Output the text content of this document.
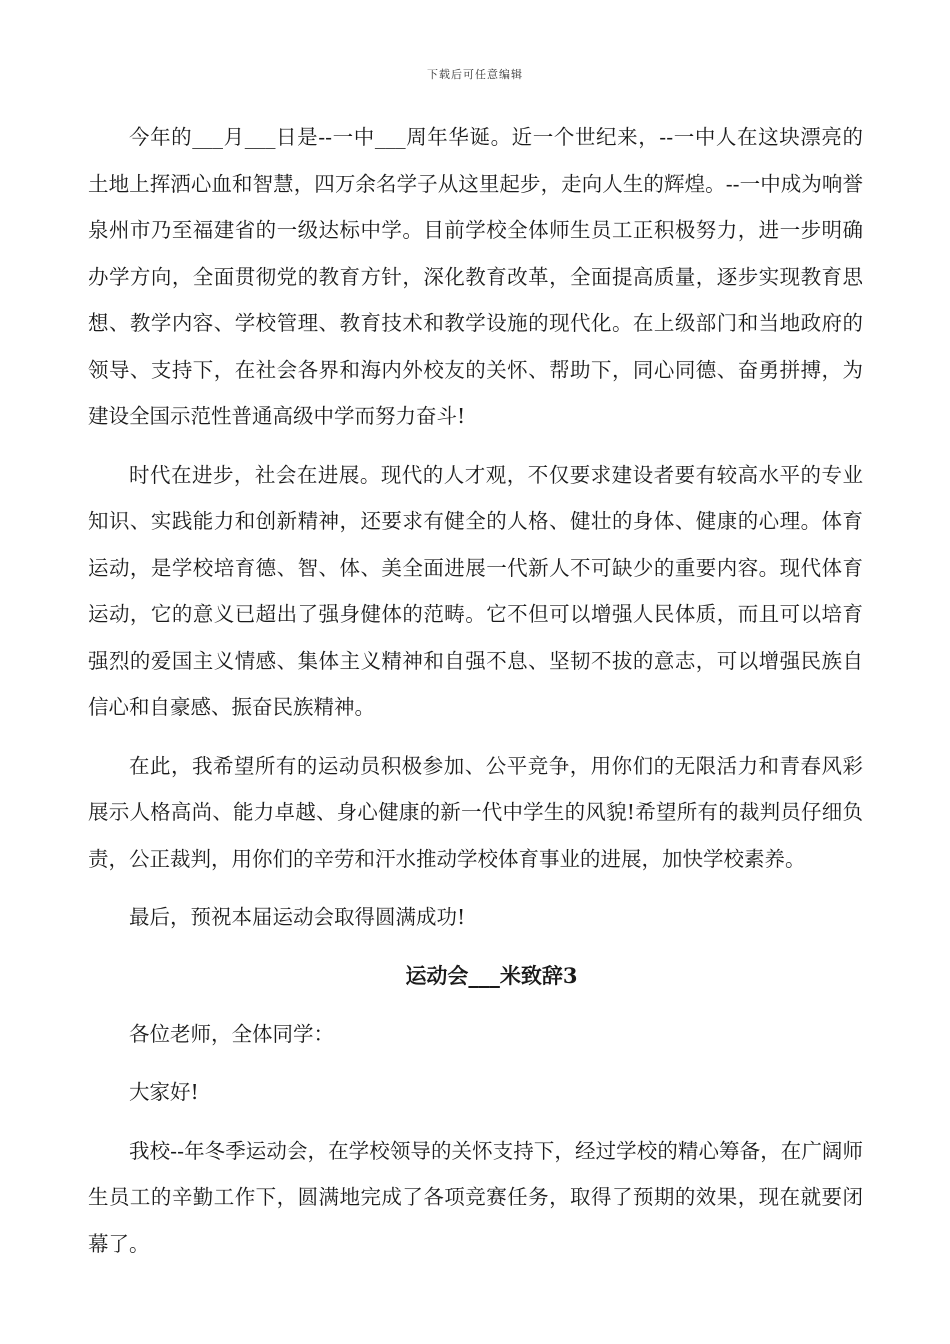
下载后可任意编辑

今年的___月___日是--一中___周年华诞。近一个世纪来，--一中人在这块漂亮的土地上挥洒心血和智慧，四万余名学子从这里起步，走向人生的辉煌。--一中成为响誉泉州市乃至福建省的一级达标中学。目前学校全体师生员工正积极努力，进一步明确办学方向，全面贯彻党的教育方针，深化教育改革，全面提高质量，逐步实现教育思想、教学内容、学校管理、教育技术和教学设施的现代化。在上级部门和当地政府的领导、支持下，在社会各界和海内外校友的关怀、帮助下，同心同德、奋勇拼搏，为建设全国示范性普通高级中学而努力奋斗!

时代在进步，社会在进展。现代的人才观，不仅要求建设者要有较高水平的专业知识、实践能力和创新精神，还要求有健全的人格、健壮的身体、健康的心理。体育运动，是学校培育德、智、体、美全面进展一代新人不可缺少的重要内容。现代体育运动，它的意义已超出了强身健体的范畴。它不但可以增强人民体质，而且可以培育强烈的爱国主义情感、集体主义精神和自强不息、坚韧不拔的意志，可以增强民族自信心和自豪感、振奋民族精神。

在此，我希望所有的运动员积极参加、公平竞争，用你们的无限活力和青春风彩展示人格高尚、能力卓越、身心健康的新一代中学生的风貌!希望所有的裁判员仔细负责，公正裁判，用你们的辛劳和汗水推动学校体育事业的进展，加快学校素养。

最后，预祝本届运动会取得圆满成功!

运动会___米致辞3

各位老师，全体同学：

大家好!

我校--年冬季运动会，在学校领导的关怀支持下，经过学校的精心筹备，在广阔师生员工的辛勤工作下，圆满地完成了各项竞赛任务，取得了预期的效果，现在就要闭幕了。
